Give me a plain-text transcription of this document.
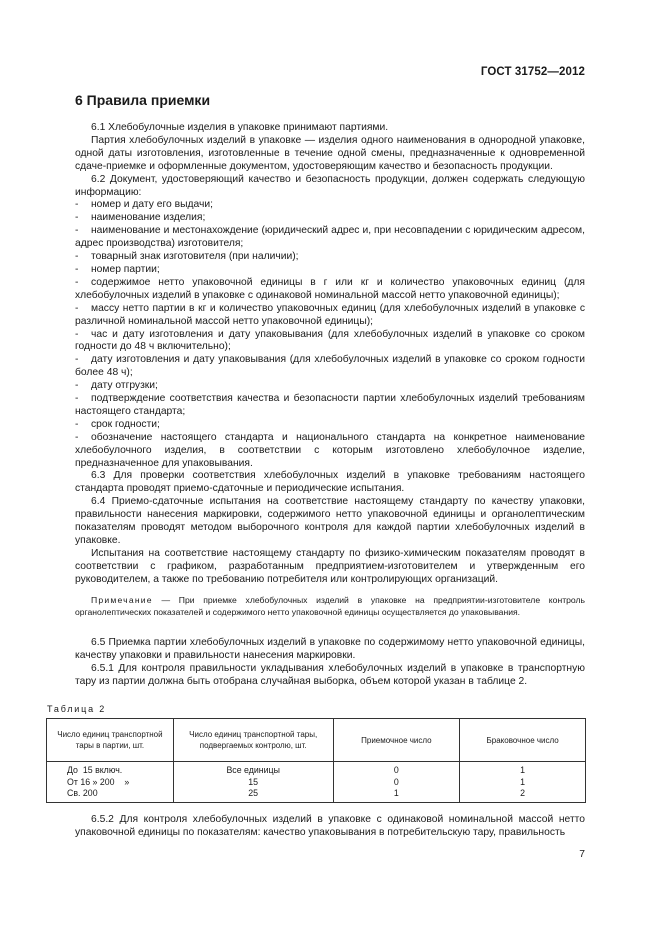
ГОСТ 31752—2012
6 Правила приемки

6.1 Хлебобулочные изделия в упаковке принимают партиями.

Партия хлебобулочных изделий в упаковке — изделия одного наименования в однородной упаковке, одной даты изготовления, изготовленные в течение одной смены, предназначенные к одновременной сдаче-приемке и оформленные документом, удостоверяющим качество и безопасность продукции.

6.2 Документ, удостоверяющий качество и безопасность продукции, должен содержать следующую информацию:

- номер и дату его выдачи;

- наименование изделия;

- наименование и местонахождение (юридический адрес и, при несовпадении с юридическим адресом, адрес производства) изготовителя;

- товарный знак изготовителя (при наличии);

- номер партии;

- содержимое нетто упаковочной единицы в г или кг и количество упаковочных единиц (для хлебобулочных изделий в упаковке с одинаковой номинальной массой нетто упаковочной единицы);

- массу нетто партии в кг и количество упаковочных единиц (для хлебобулочных изделий в упаковке с различной номинальной массой нетто упаковочной единицы);

- час и дату изготовления и дату упаковывания (для хлебобулочных изделий в упаковке со сроком годности до 48 ч включительно);

- дату изготовления и дату упаковывания (для хлебобулочных изделий в упаковке со сроком годности более 48 ч);

- дату отгрузки;

- подтверждение соответствия качества и безопасности партии хлебобулочных изделий требованиям настоящего стандарта;

- срок годности;

- обозначение настоящего стандарта и национального стандарта на конкретное наименование хлебобулочного изделия, в соответствии с которым изготовлено хлебобулочное изделие, предназначенное для упаковывания.

6.3 Для проверки соответствия хлебобулочных изделий в упаковке требованиям настоящего стандарта проводят приемо-сдаточные и периодические испытания.

6.4 Приемо-сдаточные испытания на соответствие настоящему стандарту по качеству упаковки, правильности нанесения маркировки, содержимого нетто упаковочной единицы и органолептическим показателям проводят методом выборочного контроля для каждой партии хлебобулочных изделий в упаковке.

Испытания на соответствие настоящему стандарту по физико-химическим показателям проводят в соответствии с графиком, разработанным предприятием-изготовителем и утвержденным его руководителем, а также по требованию потребителя или контролирующих организаций.

Примечание — При приемке хлебобулочных изделий в упаковке на предприятии-изготовителе контроль органолептических показателей и содержимого нетто упаковочной единицы осуществляется до упаковывания.

6.5 Приемка партии хлебобулочных изделий в упаковке по содержимому нетто упаковочной единицы, качеству упаковки и правильности нанесения маркировки.

6.5.1 Для контроля правильности укладывания хлебобулочных изделий в упаковке в транспортную тару из партии должна быть отобрана случайная выборка, объем которой указан в таблице 2.

Таблица 2
Число единиц транспортной тары в партии, шт.	Число единиц транспортной тары, подвергаемых контролю, шт.	Приемочное число	Браковочное число
До  15 включ.	Все единицы	0	1
От 16 » 200    »	15	0	1
Св. 200	25	1	2

6.5.2 Для контроля хлебобулочных изделий в упаковке с одинаковой номинальной массой нетто упаковочной единицы по показателям: качество упаковывания в потребительскую тару, правильность

7
